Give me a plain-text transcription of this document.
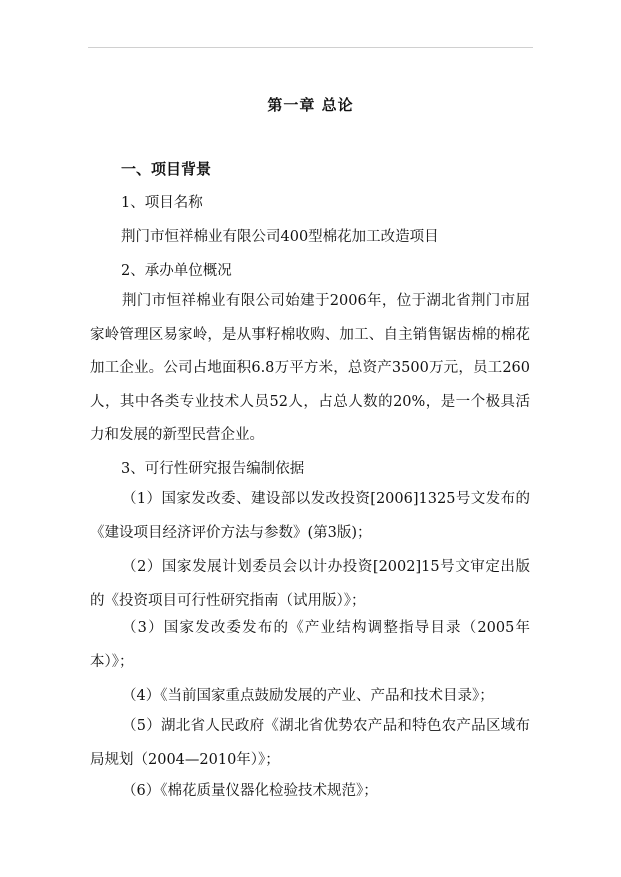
第一章 总论
一、项目背景
1、项目名称
荆门市恒祥棉业有限公司400型棉花加工改造项目
2、承办单位概况
荆门市恒祥棉业有限公司始建于2006年，位于湖北省荆门市屈家岭管理区易家岭，是从事籽棉收购、加工、自主销售锯齿棉的棉花加工企业。公司占地面积6.8万平方米，总资产3500万元，员工260人，其中各类专业技术人员52人，占总人数的20%，是一个极具活力和发展的新型民营企业。
3、可行性研究报告编制依据
（1）国家发改委、建设部以发改投资[2006]1325号文发布的《建设项目经济评价方法与参数》(第3版)；
（2）国家发展计划委员会以计办投资[2002]15号文审定出版的《投资项目可行性研究指南（试用版）》；
（3）国家发改委发布的《产业结构调整指导目录（2005年本）》；
（4）《当前国家重点鼓励发展的产业、产品和技术目录》；
（5）湖北省人民政府《湖北省优势农产品和特色农产品区域布局规划（2004—2010年）》；
（6）《棉花质量仪器化检验技术规范》；
